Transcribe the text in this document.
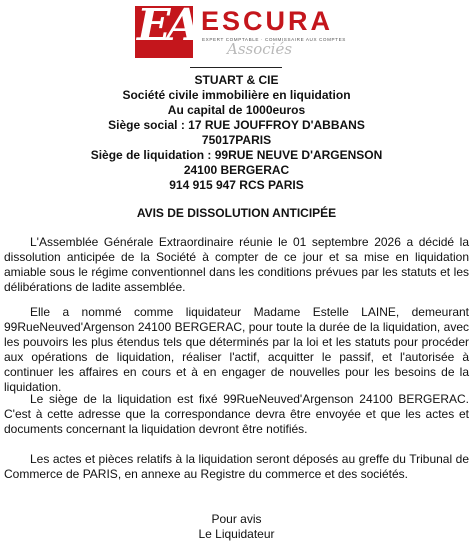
EA ESCURA
EXPERT COMPTABLE · COMMISSAIRE AUX COMPTES
Associés
STUART & CIE
Société civile immobilière en liquidation
Au capital de 1000euros
Siège social : 17 RUE JOUFFROY D'ABBANS
75017PARIS
Siège de liquidation : 99RUE NEUVE D'ARGENSON
24100 BERGERAC
914 915 947 RCS PARIS
AVIS DE DISSOLUTION ANTICIPÉE

L'Assemblée Générale Extraordinaire réunie le 01 septembre 2026 a décidé la dissolution anticipée de la Société à compter de ce jour et sa mise en liquidation amiable sous le régime conventionnel dans les conditions prévues par les statuts et les délibérations de ladite assemblée.

Elle a nommé comme liquidateur Madame Estelle LAINE, demeurant 99RueNeuved'Argenson 24100 BERGERAC, pour toute la durée de la liquidation, avec les pouvoirs les plus étendus tels que déterminés par la loi et les statuts pour procéder aux opérations de liquidation, réaliser l'actif, acquitter le passif, et l'autorisée à continuer les affaires en cours et à en engager de nouvelles pour les besoins de la liquidation.

Le siège de la liquidation est fixé 99RueNeuved'Argenson 24100 BERGERAC. C'est à cette adresse que la correspondance devra être envoyée et que les actes et documents concernant la liquidation devront être notifiés.

Les actes et pièces relatifs à la liquidation seront déposés au greffe du Tribunal de Commerce de PARIS, en annexe au Registre du commerce et des sociétés.

Pour avis
Le Liquidateur
